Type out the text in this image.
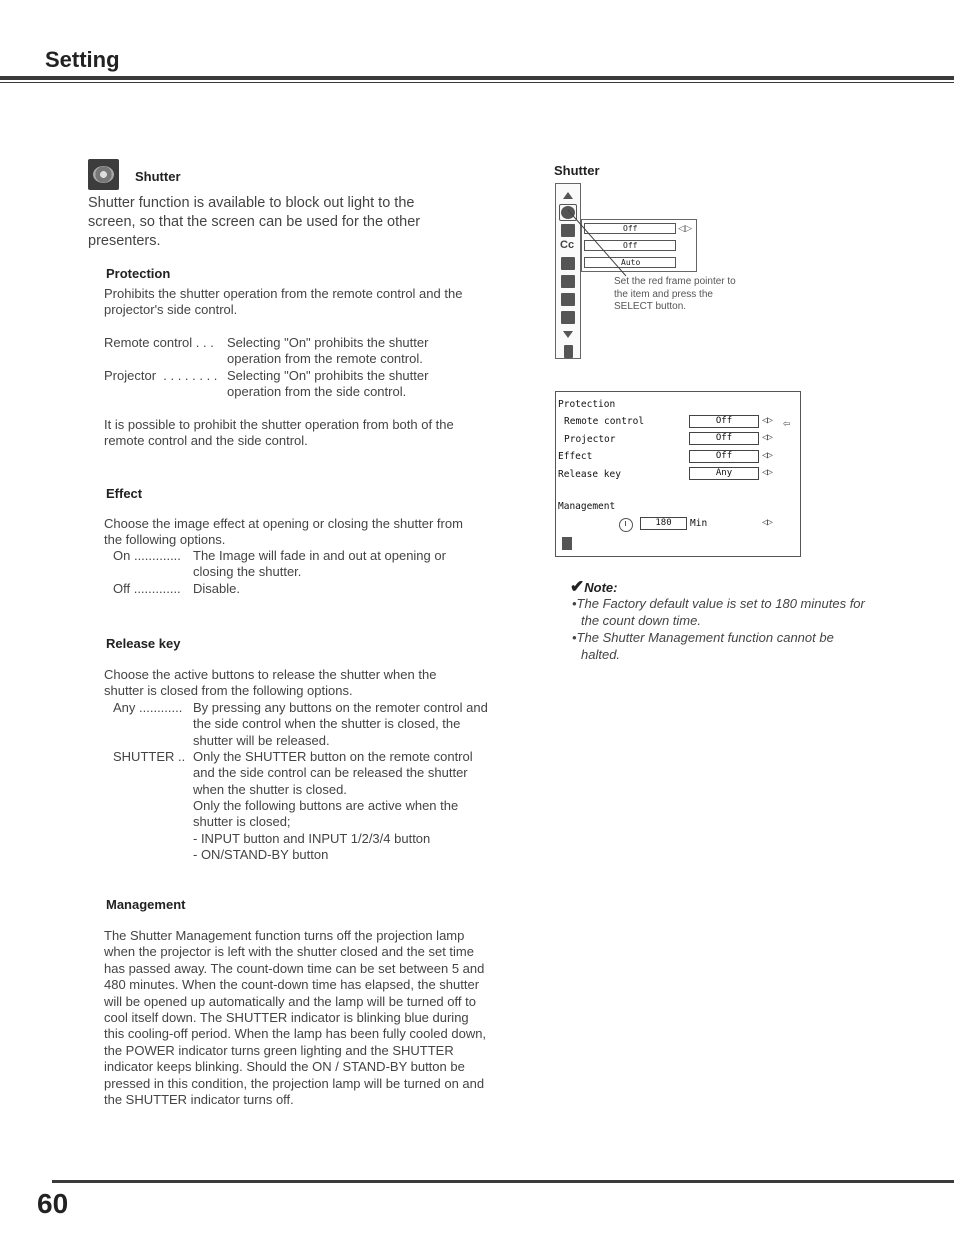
Setting
Shutter
Shutter function is available to block out light to the screen, so that the screen can be used for the other presenters.
Protection
Prohibits the shutter operation from the remote control and the projector's side control.
Remote control . . . Selecting "On" prohibits the shutter operation from the remote control.
Projector  . . . . . . . . Selecting "On" prohibits the shutter operation from the side control.
It is possible to prohibit the shutter operation from both of the remote control and the side control.
Effect
Choose the image effect at opening or closing the shutter from the following options.
On ............. The Image will fade in and out at opening or closing the shutter.
Off ............. Disable.
Release key
Choose the active buttons to release the shutter when the shutter is closed from the following options.
Any ............ By pressing any buttons on the remoter control and the side control when the shutter is closed, the shutter will be released.
SHUTTER .. Only the SHUTTER button on the remote control and the side control can be released the shutter when the shutter is closed.
Only the following buttons are active when the shutter is closed;
- INPUT button and INPUT 1/2/3/4 button
- ON/STAND-BY button
Management
The Shutter Management function turns off the projection lamp when the projector is left with the shutter closed and the set time has passed away. The count-down time can be set between 5 and 480 minutes. When the count-down time has elapsed, the shutter will be opened up automatically and the lamp will be turned off to cool itself down. The SHUTTER indicator is blinking blue during this cooling-off period. When the lamp has been fully cooled down, the POWER indicator turns green lighting and the SHUTTER indicator keeps blinking. Should the ON / STAND-BY button be pressed in this condition, the projection lamp will be turned on and the SHUTTER indicator turns off.
Shutter
Cc
Off	◁▷
Off
Auto
Set the red frame pointer to the item and press the SELECT button.
Protection
Remote control	Off	◁▷ ⇦
Projector	Off	◁▷
Effect	Off	◁▷
Release key	Any	◁▷
Management
180	Min	◁▷
✔Note:
•The Factory default value is set to 180 minutes for the count down time.
•The Shutter Management function cannot be halted.
60
